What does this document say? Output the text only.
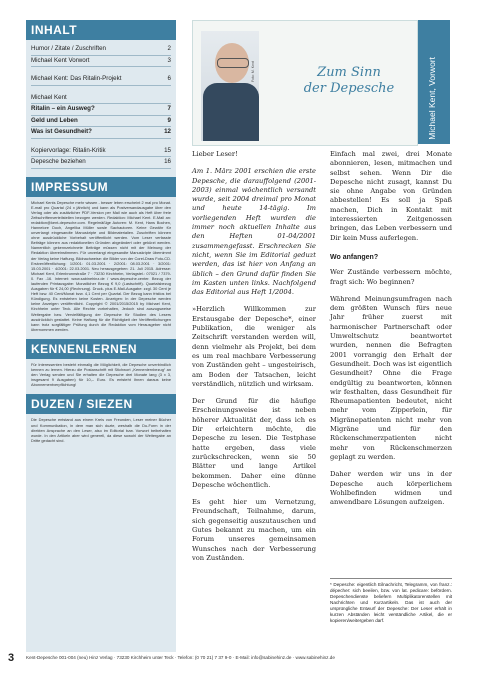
INHALT
Humor / Zitate / Zuschriften	2
Michael Kent Vorwort	3
Michael Kent: Das Ritalin-Projekt	6
Michael Kent
Ritalin – ein Ausweg?	7
Geld und Leben	9
Was ist Gesundheit?	12
Kopiervorlage: Ritalin-Kritik	15
Depesche beziehen	16
IMPRESSUM
Michael Kents Depesche mehr wissen - besser leben erscheint 2 mal pro Monat. E-mail pro Quartal (24 x jährlich) und kann als Postversandausgabe über den Verlag oder als zusätzlicher PDF-Version per Mail wie auch als Heft über freie Zeitschriftenverteilstellen bezogen werden. Redaktion: Michael Kent. E-Mail an: redaktion@kent-depesche.com. Regelmäßige Autoren: M. Kent, Hans Bochen, Hannelore Doch, Angelika Müller sowie Sachautoren. Keine Gewähr für unverlangt eingesandte Manuskripte und Bildmaterialien. Zuschriften können ohne ausdrückliche Vorbehalt veröffentlicht werden. Vom Leser verfasste Beiträge können aus redaktionellen Gründen abgeändert oder gekürzt werden. Namentlich gekennzeichnete Beiträge müssen nicht mit der Meinung der Redaktion übereinstimmen. Für unverlangt eingesandte Manuskripte übernimmt der Verlag keine Haftung. Bildnachweise: die Bilder von der Corel-Draw Foto-CD. Erstveröffentlichung: 1/2001: 01.03.2001 · 2/2001: 08.03.2001 · 3/2001: 15.03.2001 · 4/2001: 22.03.2001. Neu herausgegeben: 21. Juli 2015. Adresse: Michael Kent, Erlenbrunnstraße 7 · 73230 Kirchheim, Verlagstel.: 07021 / 7379-0. Fax -16. Internet: www.sabinehinz.de / www.depesche.center. Bezug der laufenden Printausgabe: Monatlicher Bezug € 9,0 (Lastschrift). Quartalsbezug Ausgaben für € 24,00 (Rechnung). Druck- plus E-Mail-Ausgabe: zzgl. 30 Cent je Heft bzw. 40 Cent/Monat bzw. 4,1 Cent per Quartal. Der Bezug kann fristlos bei Kündigung. Es entstehen keine Kosten. Anzeigen: In der Depesche werden keine Anzeigen veröffentlicht. Copyright © 2001/2015/2015 by Michael Kent, Kirchheim unter Teck. Alle Rechte vorbehalten, Jedoch sind auszugsweise Weitergabe bzw. Vervielfältigung der Depesche für Studien des Lesers ausdrücklich gestattet. Keine Haftung für die Richtigkeit der Veröffentlichungen kann trotz sorgfältiger Prüfung durch die Redaktion vom Herausgeber nicht übernommen werden.
KENNENLERNEN
Für Interessenten besteht einmalig die Möglichkeit, die Depesche unverbindlich kennen zu lernen. Hierzu die Postanschrift mit Stichwort „Kennenlernbezug“ an den Verlag senden und Sie erhalten die Depesche drei Monate lang (3 x 3, insgesamt 9 Ausgaben) für 10,– Euro. Es entsteht Ihnen daraus keine Abonnementverpflichtung!
DUZEN / SIEZEN
Die Depesche entstand aus einem Kreis von Freunden, Leser meiner Bücher und Kommunikation, in dem man sich duzte, weshalb die Du-Form in der direkten Ansprache an den Leser, also im Editorial bzw. Vorwort beibehalten wurde. In den Artikeln aber wird generell, da diese sowohl der Weitergabe an Dritte gedacht sind.
Foto: M. Kent	Zum Sinn
der Depesche	Michael Kent, Vorwort

Lieber Leser!

Am 1. März 2001 erschien die erste Depesche, die darauffolgend (2001-2003) einmal wöchentlich versandt wurde, seit 2004 dreimal pro Monat und heute 14-tägig. Im vorliegenden Heft wurden die immer noch aktuellen Inhalte aus den Heften 01-04/2001 zusammengefasst. Erschrecken Sie nicht, wenn Sie im Editorial geduzt werden, das ist hier von Anfang an üblich – den Grund dafür finden Sie im Kasten unten links. Nachfolgend das Editorial aus Heft 1/2004.

»Herzlich Willkommen zur Erstausgabe der Depesche*, einer Publikation, die weniger als Zeitschrift verstanden werden will, denn vielmehr als Projekt, bei dem es um real machbare Verbesserung von Zuständen geht – ungesteirisch, am Boden der Tatsachen, leicht verständlich, nützlich und wirksam.

Der Grund für die häufige Erscheinungsweise ist neben höherer Aktualität der, dass ich es Dir erleichtern möchte, die Depesche zu lesen. Die Testphase hatte ergeben, dass viele zurückschrecken, wenn sie 50 Blätter und lange Artikel bekommen. Daher eine dünne Depesche wöchentlich.

Es geht hier um Vernetzung, Freundschaft, Teilnahme, darum, sich gegenseitig auszutauschen und Gutes bekannt zu machen, um ein Forum unseres gemeinsamen Wunsches nach der Verbesserung von Zuständen.

Einfach mal zwei, drei Monate abonnieren, lesen, mitmachen und selbst sehen. Wenn Dir die Depesche nicht zusagt, kannst Du sie ohne Angabe von Gründen abbestellen! Es soll ja Spaß machen, Dich in Kontakt mit interessierten Zeitgenossen bringen, das Leben verbessern und Dir kein Muss auferlegen.

Wo anfangen?

Wer Zustände verbessern möchte, fragt sich: Wo beginnen?

Während Meinungsumfragen nach dem größten Wunsch fürs neue Jahr früher zuerst mit harmonischer Partnerschaft oder Umweltschutz beantwortet wurden, nennen die Befragten 2001 vorrangig den Erhalt der Gesundheit. Doch was ist eigentlich Gesundheit? Ohne die Frage endgültig zu beantworten, können wir festhalten, dass Gesundheit für Rheumapatienten bedeutet, nicht mehr vom Zipperlein, für Migränepatienten nicht mehr von Migräne und für den Rückenschmerzpatienten nicht mehr von Rückenschmerzen geplagt zu werden.

Daher werden wir uns in der Depesche auch körperlichem Wohlbefinden widmen und anwendbare Lösungen aufzeigen.

* Depesche: eigentlich Eilnachricht, Telegramm, von franz.: dépecher: sich beeilen, bzw. von lat. pedicare: befördern. Depeschendienste beliefern Multiplikatorenstellen mit Nachrichten und Kurzartikeln. Das ist auch der ursprüngliche Entwurf der Depesche: Der Leser erhält in kurzen Abständen leicht verständliche Artikel, die er kopieren/weitergeben darf.
3	Kent-Depesche 001-004 (neu) Hinz Verlag · 73230 Kirchheim unter Teck · Telefon: (0 70 21) 7 37 9-0 · E-Mail: info@sabinehinz.de · www.sabinehinz.de
